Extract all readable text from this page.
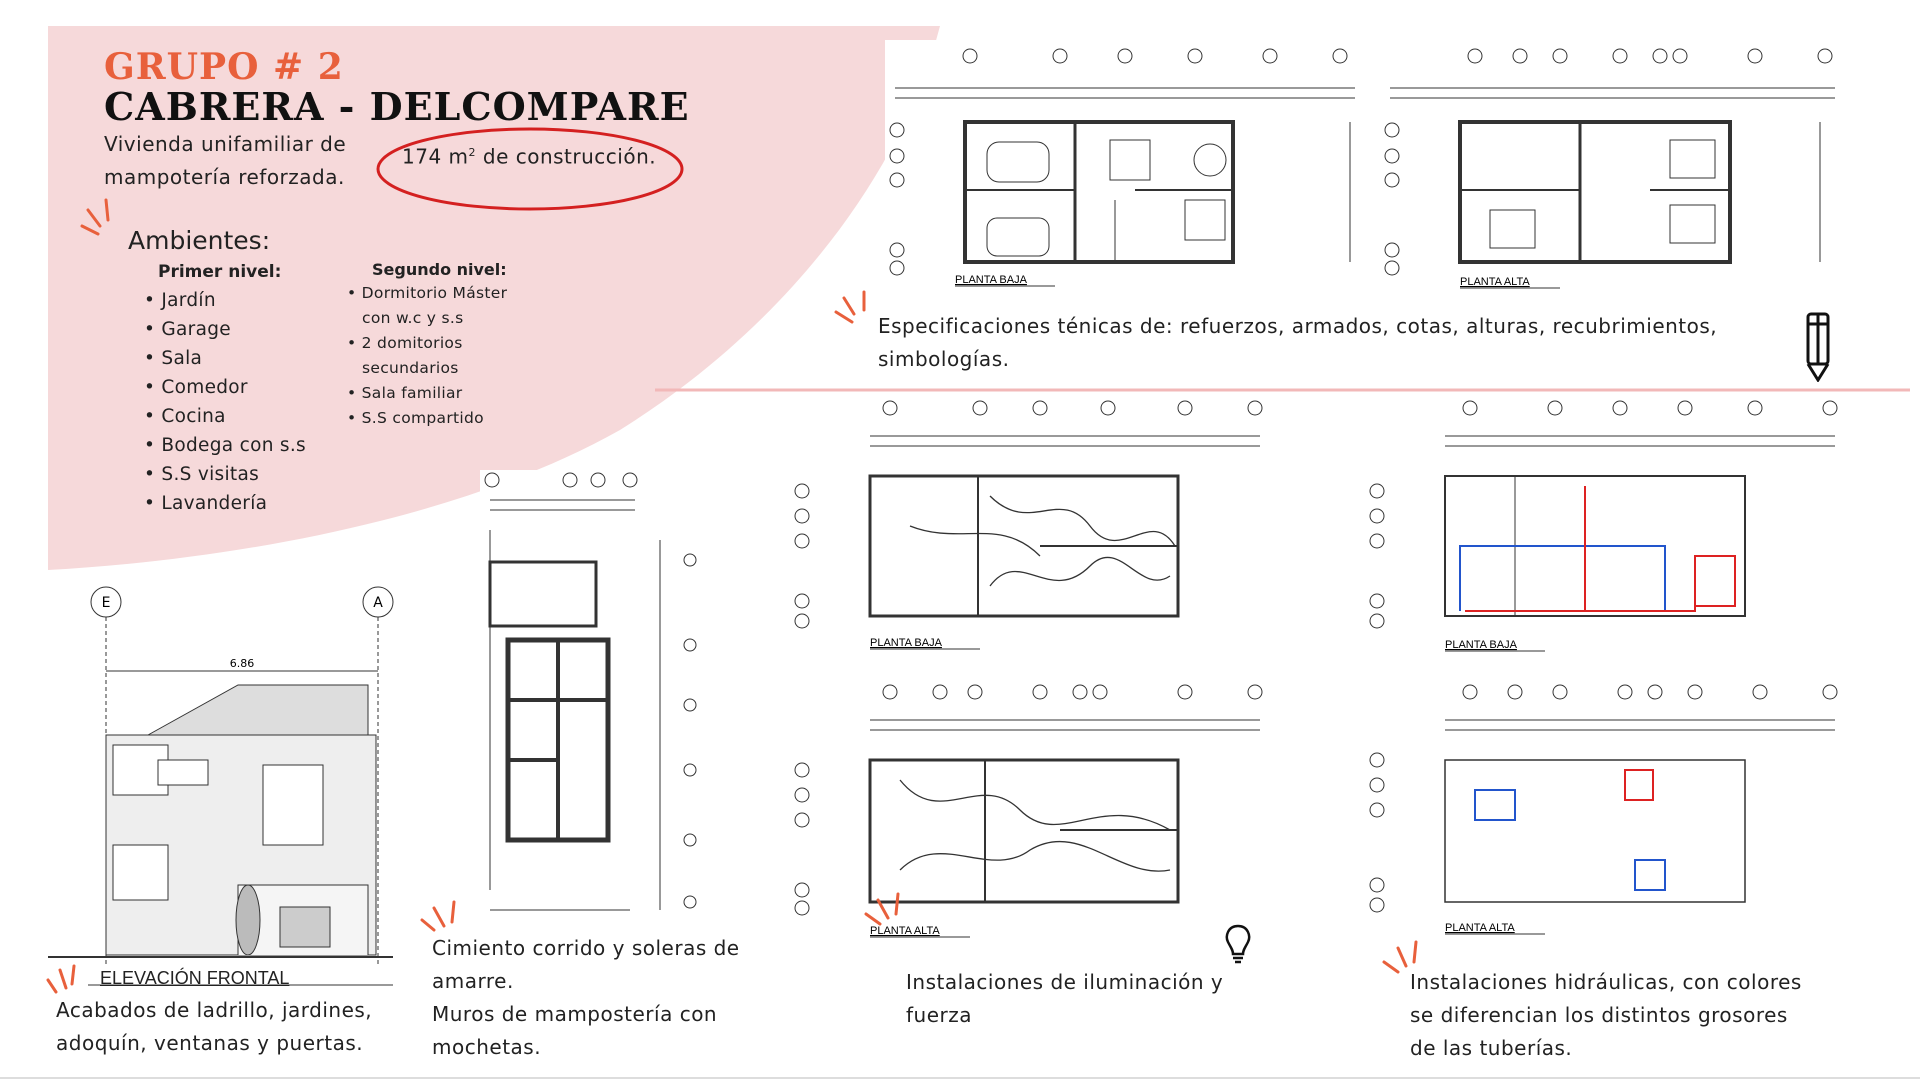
GRUPO # 2
CABRERA - DELCOMPARE
Vivienda unifamiliar de
mampotería reforzada.
174 $m^2$ de construcción.
Ambientes:
Primer nivel:
• Jardín
• Garage
• Sala
• Comedor
• Cocina
• Bodega con s.s
• S.S visitas
• Lavandería
Segundo nivel:
• Dormitorio Máster
con w.c y s.s
• 2 domitorios
secundarios
• Sala familiar
• S.S compartido
PLANTA BAJA	PLANTA ALTA
Especificaciones ténicas de: refuerzos, armados, cotas, alturas, recubrimientos,
simbologías.
E	A
6.86
ELEVACIÓN FRONTAL
Acabados de ladrillo, jardines,
adoquín, ventanas y puertas.
Cimiento corrido y soleras de
amarre.
Muros de mampostería con
mochetas.
PLANTA BAJA
PLANTA ALTA
Instalaciones de iluminación y
fuerza
PLANTA BAJA
PLANTA ALTA
Instalaciones hidráulicas, con colores
se diferencian los distintos grosores
de las tuberías.
